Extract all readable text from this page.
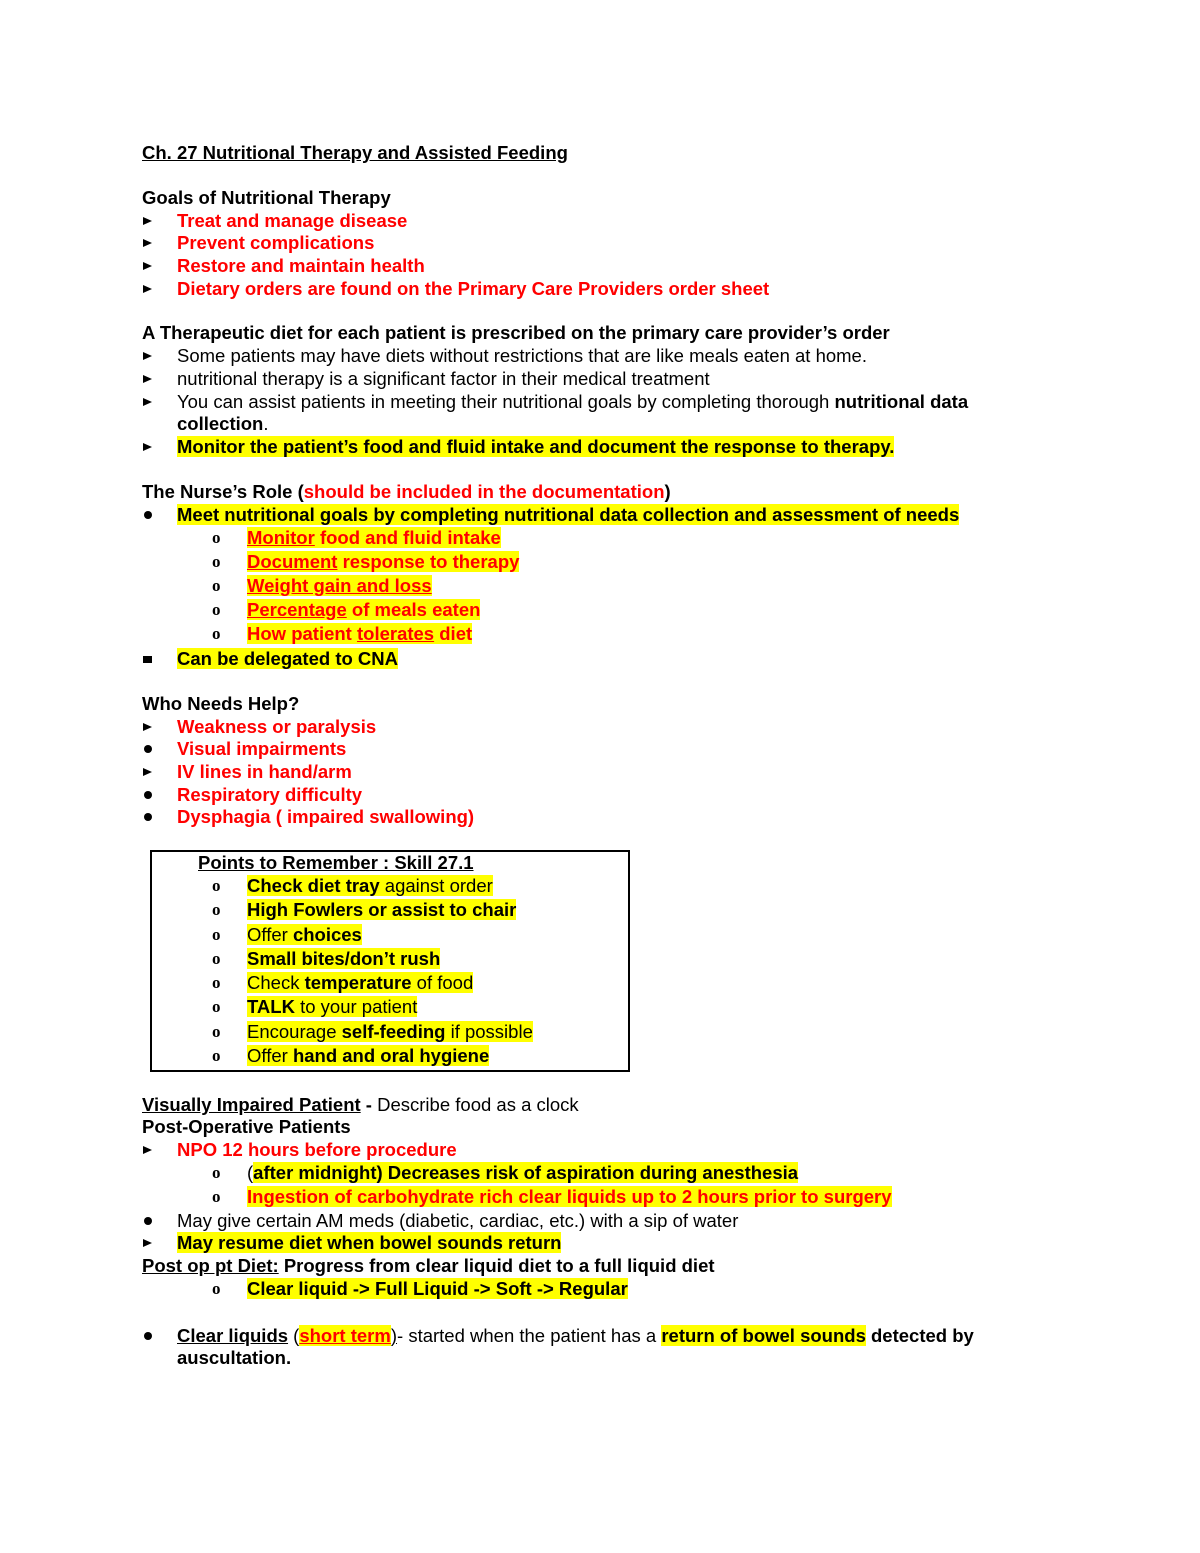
Ch. 27 Nutritional Therapy and Assisted Feeding
Goals of Nutritional Therapy
Treat and manage disease
Prevent complications
Restore and maintain health
Dietary orders are found on the Primary Care Providers order sheet
A Therapeutic diet for each patient is prescribed on the primary care provider’s order
Some patients may have diets without restrictions that are like meals eaten at home.
nutritional therapy is a significant factor in their medical treatment
You can assist patients in meeting their nutritional goals by completing thorough nutritional data
collection.
Monitor the patient’s food and fluid intake and document the response to therapy.
The Nurse’s Role (should be included in the documentation)
Meet nutritional goals by completing nutritional data collection and assessment of needs
o Monitor food and fluid intake
o Document response to therapy
o Weight gain and loss
o Percentage of meals eaten
o How patient tolerates diet
Can be delegated to CNA
Who Needs Help?
Weakness or paralysis
Visual impairments
IV lines in hand/arm
Respiratory difficulty
Dysphagia ( impaired swallowing)
Points to Remember : Skill 27.1
o Check diet tray against order
o High Fowlers or assist to chair
o Offer choices
o Small bites/don’t rush
o Check temperature of food
o TALK to your patient
o Encourage self-feeding if possible
o Offer hand and oral hygiene
Visually Impaired Patient - Describe food as a clock
Post-Operative Patients
NPO 12 hours before procedure
o (after midnight) Decreases risk of aspiration during anesthesia
o Ingestion of carbohydrate rich clear liquids up to 2 hours prior to surgery
May give certain AM meds (diabetic, cardiac, etc.) with a sip of water
May resume diet when bowel sounds return
Post op pt Diet: Progress from clear liquid diet to a full liquid diet
o Clear liquid -> Full Liquid -> Soft -> Regular
Clear liquids (short term)- started when the patient has a return of bowel sounds detected by
auscultation.
